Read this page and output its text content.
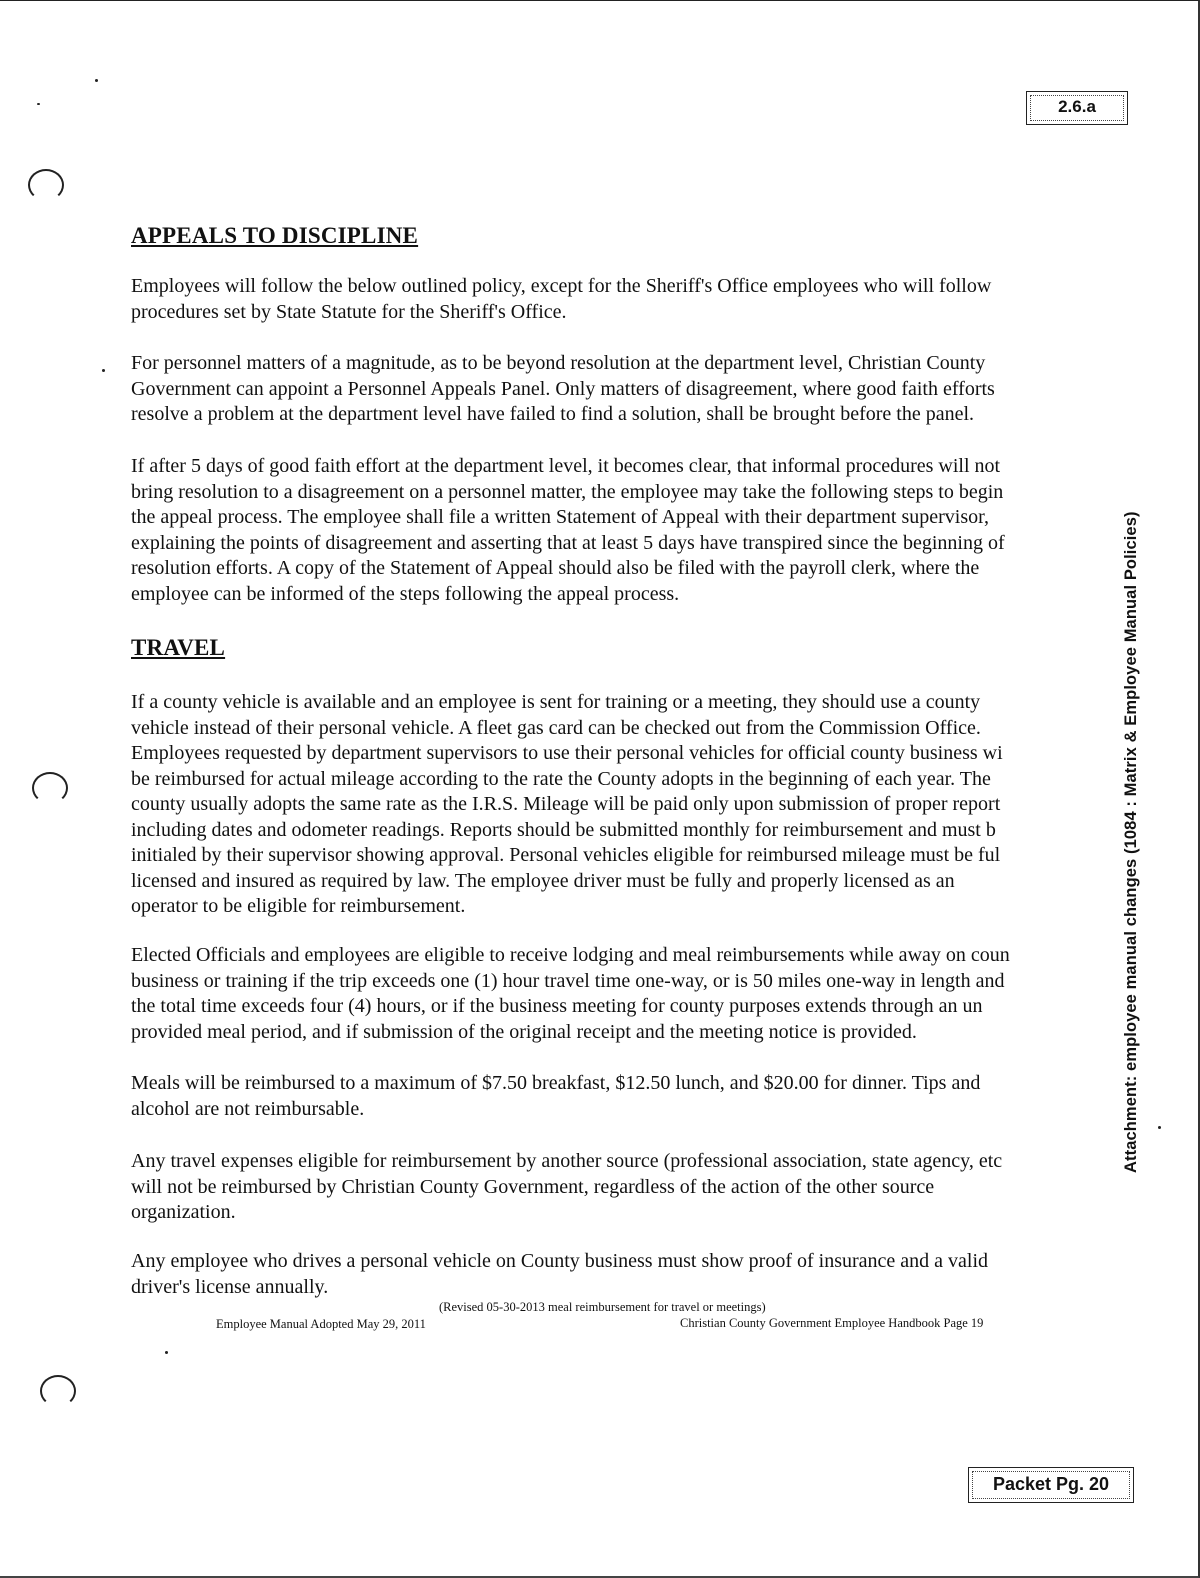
2.6.a
APPEALS TO DISCIPLINE

Employees will follow the below outlined policy, except for the Sheriff's Office employees who will follow
procedures set by State Statute for the Sheriff's Office.

For personnel matters of a magnitude, as to be beyond resolution at the department level, Christian County
Government can appoint a Personnel Appeals Panel. Only matters of disagreement, where good faith efforts
resolve a problem at the department level have failed to find a solution, shall be brought before the panel.

If after 5 days of good faith effort at the department level, it becomes clear, that informal procedures will not
bring resolution to a disagreement on a personnel matter, the employee may take the following steps to begin
the appeal process. The employee shall file a written Statement of Appeal with their department supervisor,
explaining the points of disagreement and asserting that at least 5 days have transpired since the beginning of
resolution efforts. A copy of the Statement of Appeal should also be filed with the payroll clerk, where the
employee can be informed of the steps following the appeal process.

TRAVEL

If a county vehicle is available and an employee is sent for training or a meeting, they should use a county
vehicle instead of their personal vehicle. A fleet gas card can be checked out from the Commission Office.
Employees requested by department supervisors to use their personal vehicles for official county business wi
be reimbursed for actual mileage according to the rate the County adopts in the beginning of each year. The
county usually adopts the same rate as the I.R.S. Mileage will be paid only upon submission of proper report
including dates and odometer readings. Reports should be submitted monthly for reimbursement and must b
initialed by their supervisor showing approval. Personal vehicles eligible for reimbursed mileage must be ful
licensed and insured as required by law. The employee driver must be fully and properly licensed as an
operator to be eligible for reimbursement.

Elected Officials and employees are eligible to receive lodging and meal reimbursements while away on coun
business or training if the trip exceeds one (1) hour travel time one-way, or is 50 miles one-way in length and
the total time exceeds four (4) hours, or if the business meeting for county purposes extends through an un
provided meal period, and if submission of the original receipt and the meeting notice is provided.

Meals will be reimbursed to a maximum of $7.50 breakfast, $12.50 lunch, and $20.00 for dinner. Tips and
alcohol are not reimbursable.

Any travel expenses eligible for reimbursement by another source (professional association, state agency, etc
will not be reimbursed by Christian County Government, regardless of the action of the other source
organization.

Any employee who drives a personal vehicle on County business must show proof of insurance and a valid
driver's license annually.

Attachment: employee manual changes (1084 : Matrix & Employee Manual Policies)
(Revised 05-30-2013 meal reimbursement for travel or meetings)
Employee Manual Adopted May 29, 2011	Christian County Government Employee Handbook Page 19
Packet Pg. 20
